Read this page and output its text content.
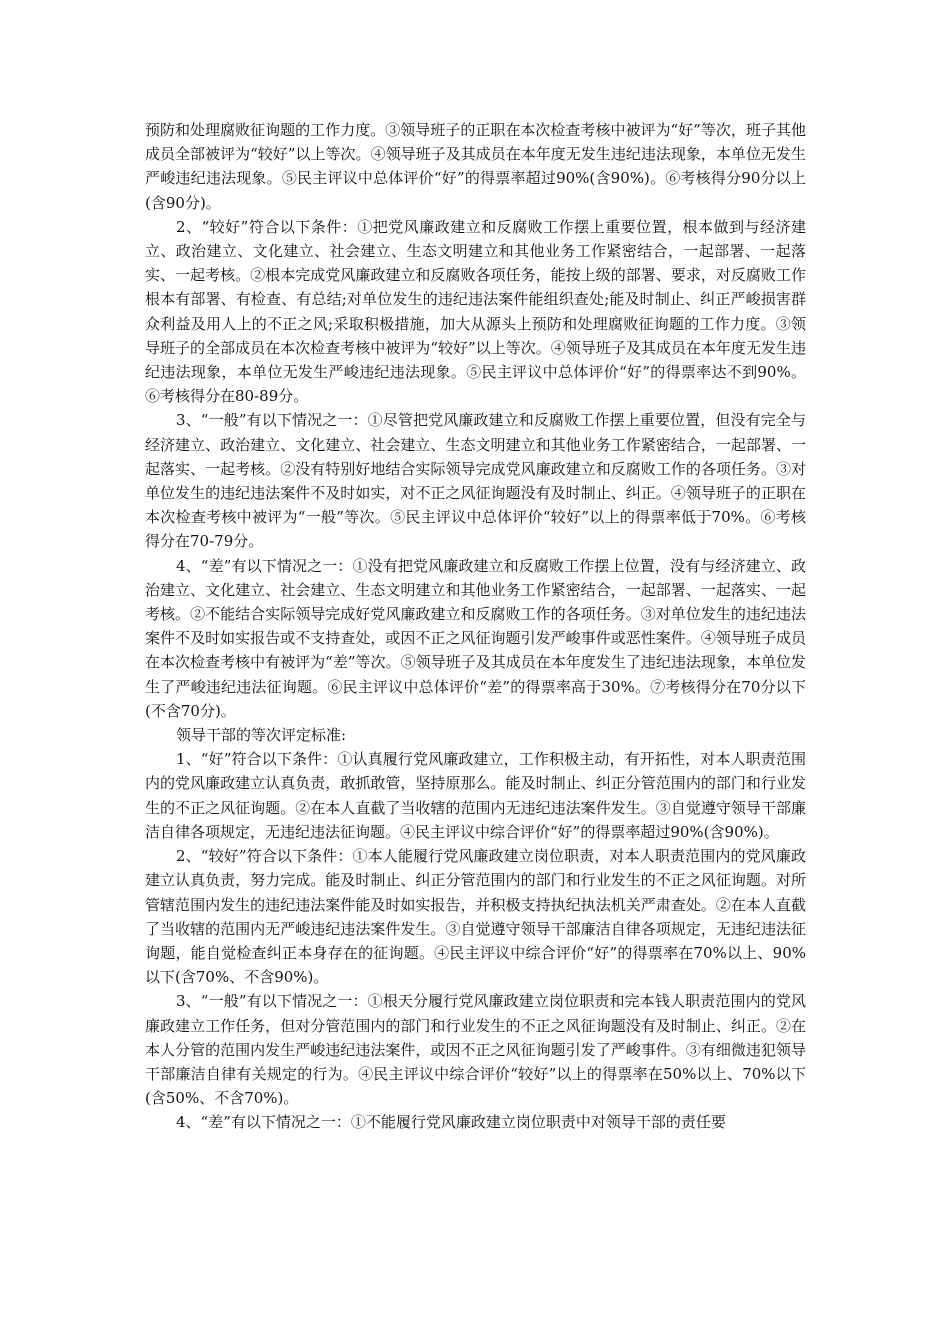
预防和处理腐败征询题的工作力度。③领导班子的正职在本次检查考核中被评为“好”等次，班子其他成员全部被评为“较好”以上等次。④领导班子及其成员在本年度无发生违纪违法现象，本单位无发生严峻违纪违法现象。⑤民主评议中总体评价“好”的得票率超过90%(含90%)。⑥考核得分90分以上(含90分)。

2、“较好”符合以下条件：①把党风廉政建立和反腐败工作摆上重要位置，根本做到与经济建立、政治建立、文化建立、社会建立、生态文明建立和其他业务工作紧密结合，一起部署、一起落实、一起考核。②根本完成党风廉政建立和反腐败各项任务，能按上级的部署、要求，对反腐败工作根本有部署、有检查、有总结;对单位发生的违纪违法案件能组织查处;能及时制止、纠正严峻损害群众利益及用人上的不正之风;采取积极措施，加大从源头上预防和处理腐败征询题的工作力度。③领导班子的全部成员在本次检查考核中被评为“较好”以上等次。④领导班子及其成员在本年度无发生违纪违法现象，本单位无发生严峻违纪违法现象。⑤民主评议中总体评价“好”的得票率达不到90%。⑥考核得分在80-89分。

3、“一般”有以下情况之一：①尽管把党风廉政建立和反腐败工作摆上重要位置，但没有完全与经济建立、政治建立、文化建立、社会建立、生态文明建立和其他业务工作紧密结合，一起部署、一起落实、一起考核。②没有特别好地结合实际领导完成党风廉政建立和反腐败工作的各项任务。③对单位发生的违纪违法案件不及时如实，对不正之风征询题没有及时制止、纠正。④领导班子的正职在本次检查考核中被评为“一般”等次。⑤民主评议中总体评价“较好”以上的得票率低于70%。⑥考核得分在70-79分。

4、“差”有以下情况之一：①没有把党风廉政建立和反腐败工作摆上位置，没有与经济建立、政治建立、文化建立、社会建立、生态文明建立和其他业务工作紧密结合，一起部署、一起落实、一起考核。②不能结合实际领导完成好党风廉政建立和反腐败工作的各项任务。③对单位发生的违纪违法案件不及时如实报告或不支持查处，或因不正之风征询题引发严峻事件或恶性案件。④领导班子成员在本次检查考核中有被评为“差”等次。⑤领导班子及其成员在本年度发生了违纪违法现象，本单位发生了严峻违纪违法征询题。⑥民主评议中总体评价“差”的得票率高于30%。⑦考核得分在70分以下(不含70分)。

领导干部的等次评定标准:

1、“好”符合以下条件：①认真履行党风廉政建立，工作积极主动，有开拓性，对本人职责范围内的党风廉政建立认真负责，敢抓敢管，坚持原那么。能及时制止、纠正分管范围内的部门和行业发生的不正之风征询题。②在本人直截了当收辖的范围内无违纪违法案件发生。③自觉遵守领导干部廉洁自律各项规定，无违纪违法征询题。④民主评议中综合评价“好”的得票率超过90%(含90%)。

2、“较好”符合以下条件：①本人能履行党风廉政建立岗位职责，对本人职责范围内的党风廉政建立认真负责，努力完成。能及时制止、纠正分管范围内的部门和行业发生的不正之风征询题。对所管辖范围内发生的违纪违法案件能及时如实报告，并积极支持执纪执法机关严肃查处。②在本人直截了当收辖的范围内无严峻违纪违法案件发生。③自觉遵守领导干部廉洁自律各项规定，无违纪违法征询题，能自觉检查纠正本身存在的征询题。④民主评议中综合评价“好”的得票率在70%以上、90%以下(含70%、不含90%)。

3、“一般”有以下情况之一：①根天分履行党风廉政建立岗位职责和完本钱人职责范围内的党风廉政建立工作任务，但对分管范围内的部门和行业发生的不正之风征询题没有及时制止、纠正。②在本人分管的范围内发生严峻违纪违法案件，或因不正之风征询题引发了严峻事件。③有细微违犯领导干部廉洁自律有关规定的行为。④民主评议中综合评价“较好”以上的得票率在50%以上、70%以下(含50%、不含70%)。

4、“差”有以下情况之一：①不能履行党风廉政建立岗位职责中对领导干部的责任要
